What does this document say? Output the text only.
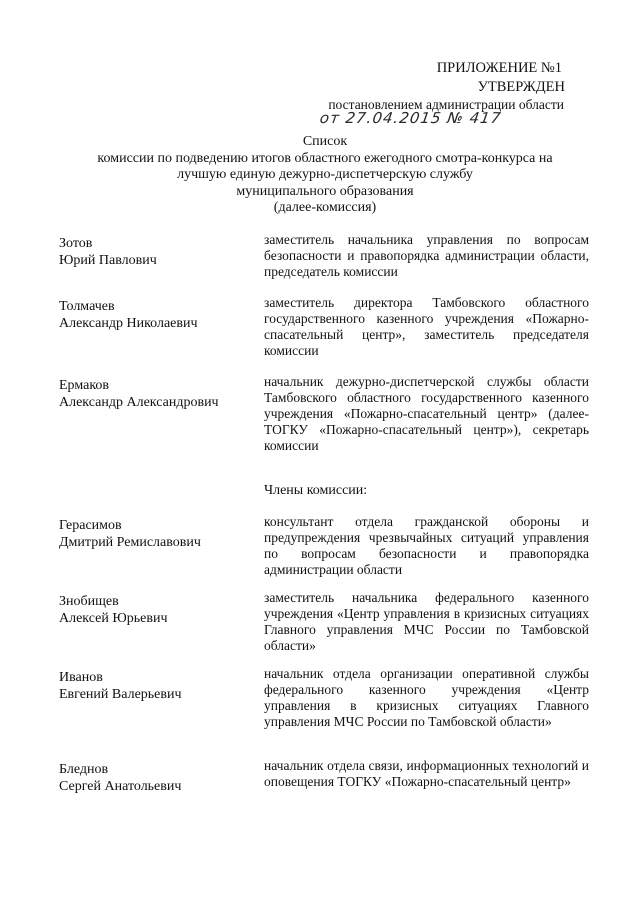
ПРИЛОЖЕНИЕ №1
УТВЕРЖДЕН
постановлением администрации области
от 27.04.2015 № 417
Список
комиссии по подведению итогов областного ежегодного смотра-конкурса на
лучшую единую дежурно-диспетчерскую службу
муниципального образования
(далее-комиссия)
Зотов
Юрий Павлович
заместитель начальника управления по вопросам безопасности и правопорядка администрации области, председатель комиссии
Толмачев
Александр Николаевич
заместитель директора Тамбовского областного государственного казенного учреждения «Пожарно-спасательный центр», заместитель председателя комиссии
Ермаков
Александр Александрович
начальник дежурно-диспетчерской службы области Тамбовского областного государственного казенного учреждения «Пожарно-спасательный центр» (далее-ТОГКУ «Пожарно-спасательный центр»), секретарь комиссии
Члены комиссии:
Герасимов
Дмитрий Ремиславович
консультант отдела гражданской обороны и предупреждения чрезвычайных ситуаций управления по вопросам безопасности и правопорядка администрации области
Знобищев
Алексей Юрьевич
заместитель начальника федерального казенного учреждения «Центр управления в кризисных ситуациях Главного управления МЧС России по Тамбовской области»
Иванов
Евгений Валерьевич
начальник отдела организации оперативной службы федерального казенного учреждения «Центр управления в кризисных ситуациях Главного управления МЧС России по Тамбовской области»
Бледнов
Сергей Анатольевич
начальник отдела связи, информационных технологий и оповещения ТОГКУ «Пожарно-спасательный центр»
